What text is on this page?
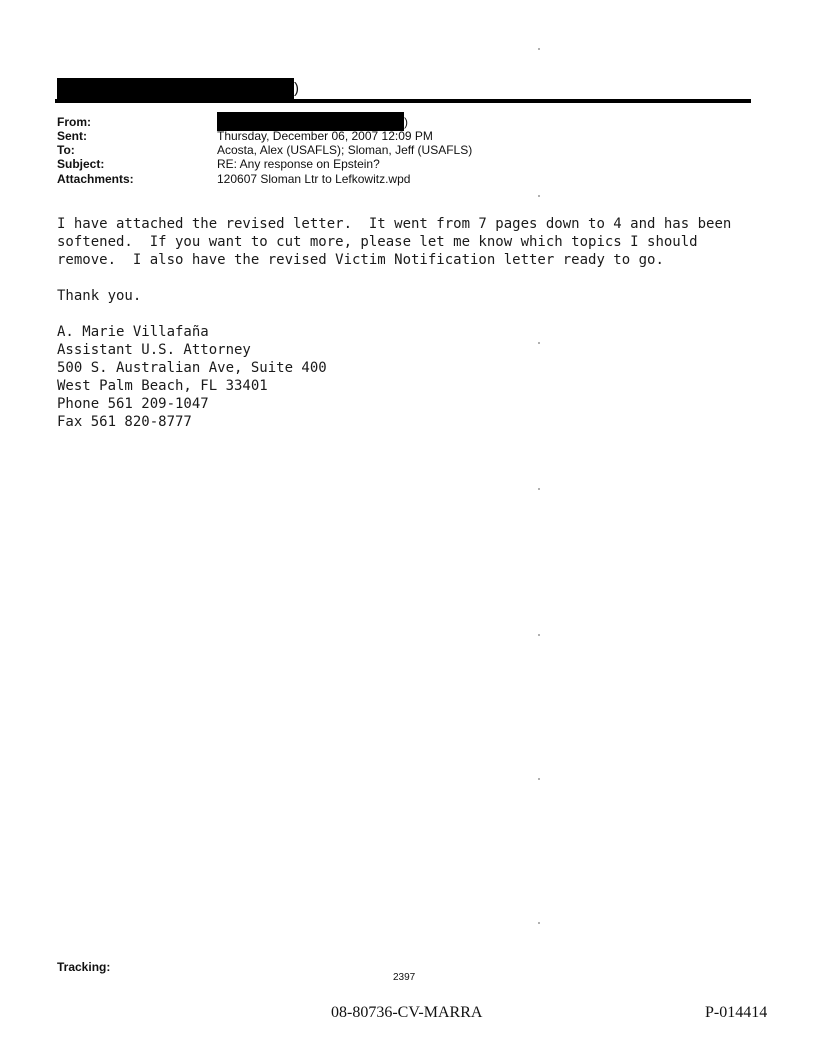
)
From:
Sent:
To:
Subject:
Attachments:
)
Thursday, December 06, 2007 12:09 PM
Acosta, Alex (USAFLS); Sloman, Jeff (USAFLS)
RE: Any response on Epstein?
120607 Sloman Ltr to Lefkowitz.wpd
I have attached the revised letter.  It went from 7 pages down to 4 and has been
softened.  If you want to cut more, please let me know which topics I should
remove.  I also have the revised Victim Notification letter ready to go.
Thank you.
A. Marie Villafaña
Assistant U.S. Attorney
500 S. Australian Ave, Suite 400
West Palm Beach, FL 33401
Phone 561 209-1047
Fax 561 820-8777
Tracking:
2397
08-80736-CV-MARRA	P-014414
